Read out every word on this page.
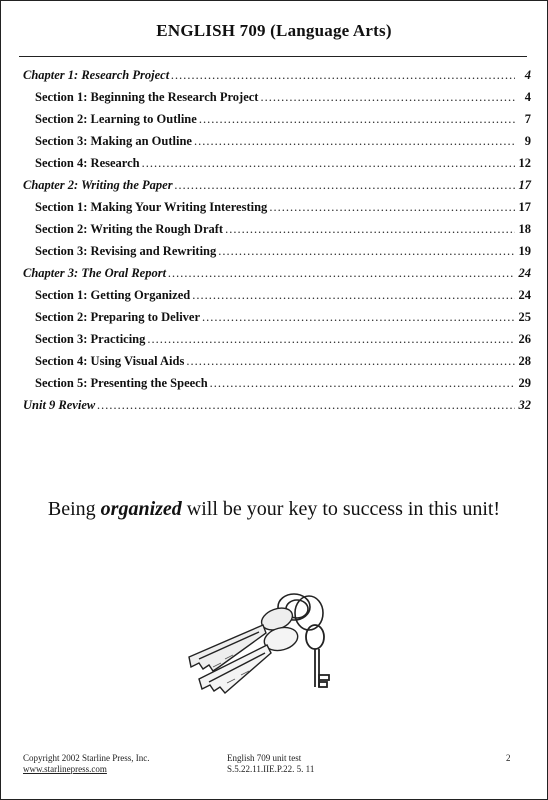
ENGLISH 709 (Language Arts)
Chapter 1: Research Project .....	4
Section 1: Beginning the Research Project .....	4
Section 2: Learning to Outline .....	7
Section 3: Making an Outline .....	9
Section 4: Research .....	12
Chapter 2: Writing the Paper .....	17
Section 1: Making Your Writing Interesting .....	17
Section 2: Writing the Rough Draft .....	18
Section 3: Revising and Rewriting .....	19
Chapter 3: The Oral Report .....	24
Section 1: Getting Organized .....	24
Section 2: Preparing to Deliver .....	25
Section 3: Practicing .....	26
Section 4: Using Visual Aids .....	28
Section 5: Presenting the Speech .....	29
Unit 9 Review .....	32
Being organized will be your key to success in this unit!
Copyright 2002 Starline Press, Inc.
www.starlinepress.com
English 709 unit test
S.5.22.11.IIE.P.22. 5. 11
2
